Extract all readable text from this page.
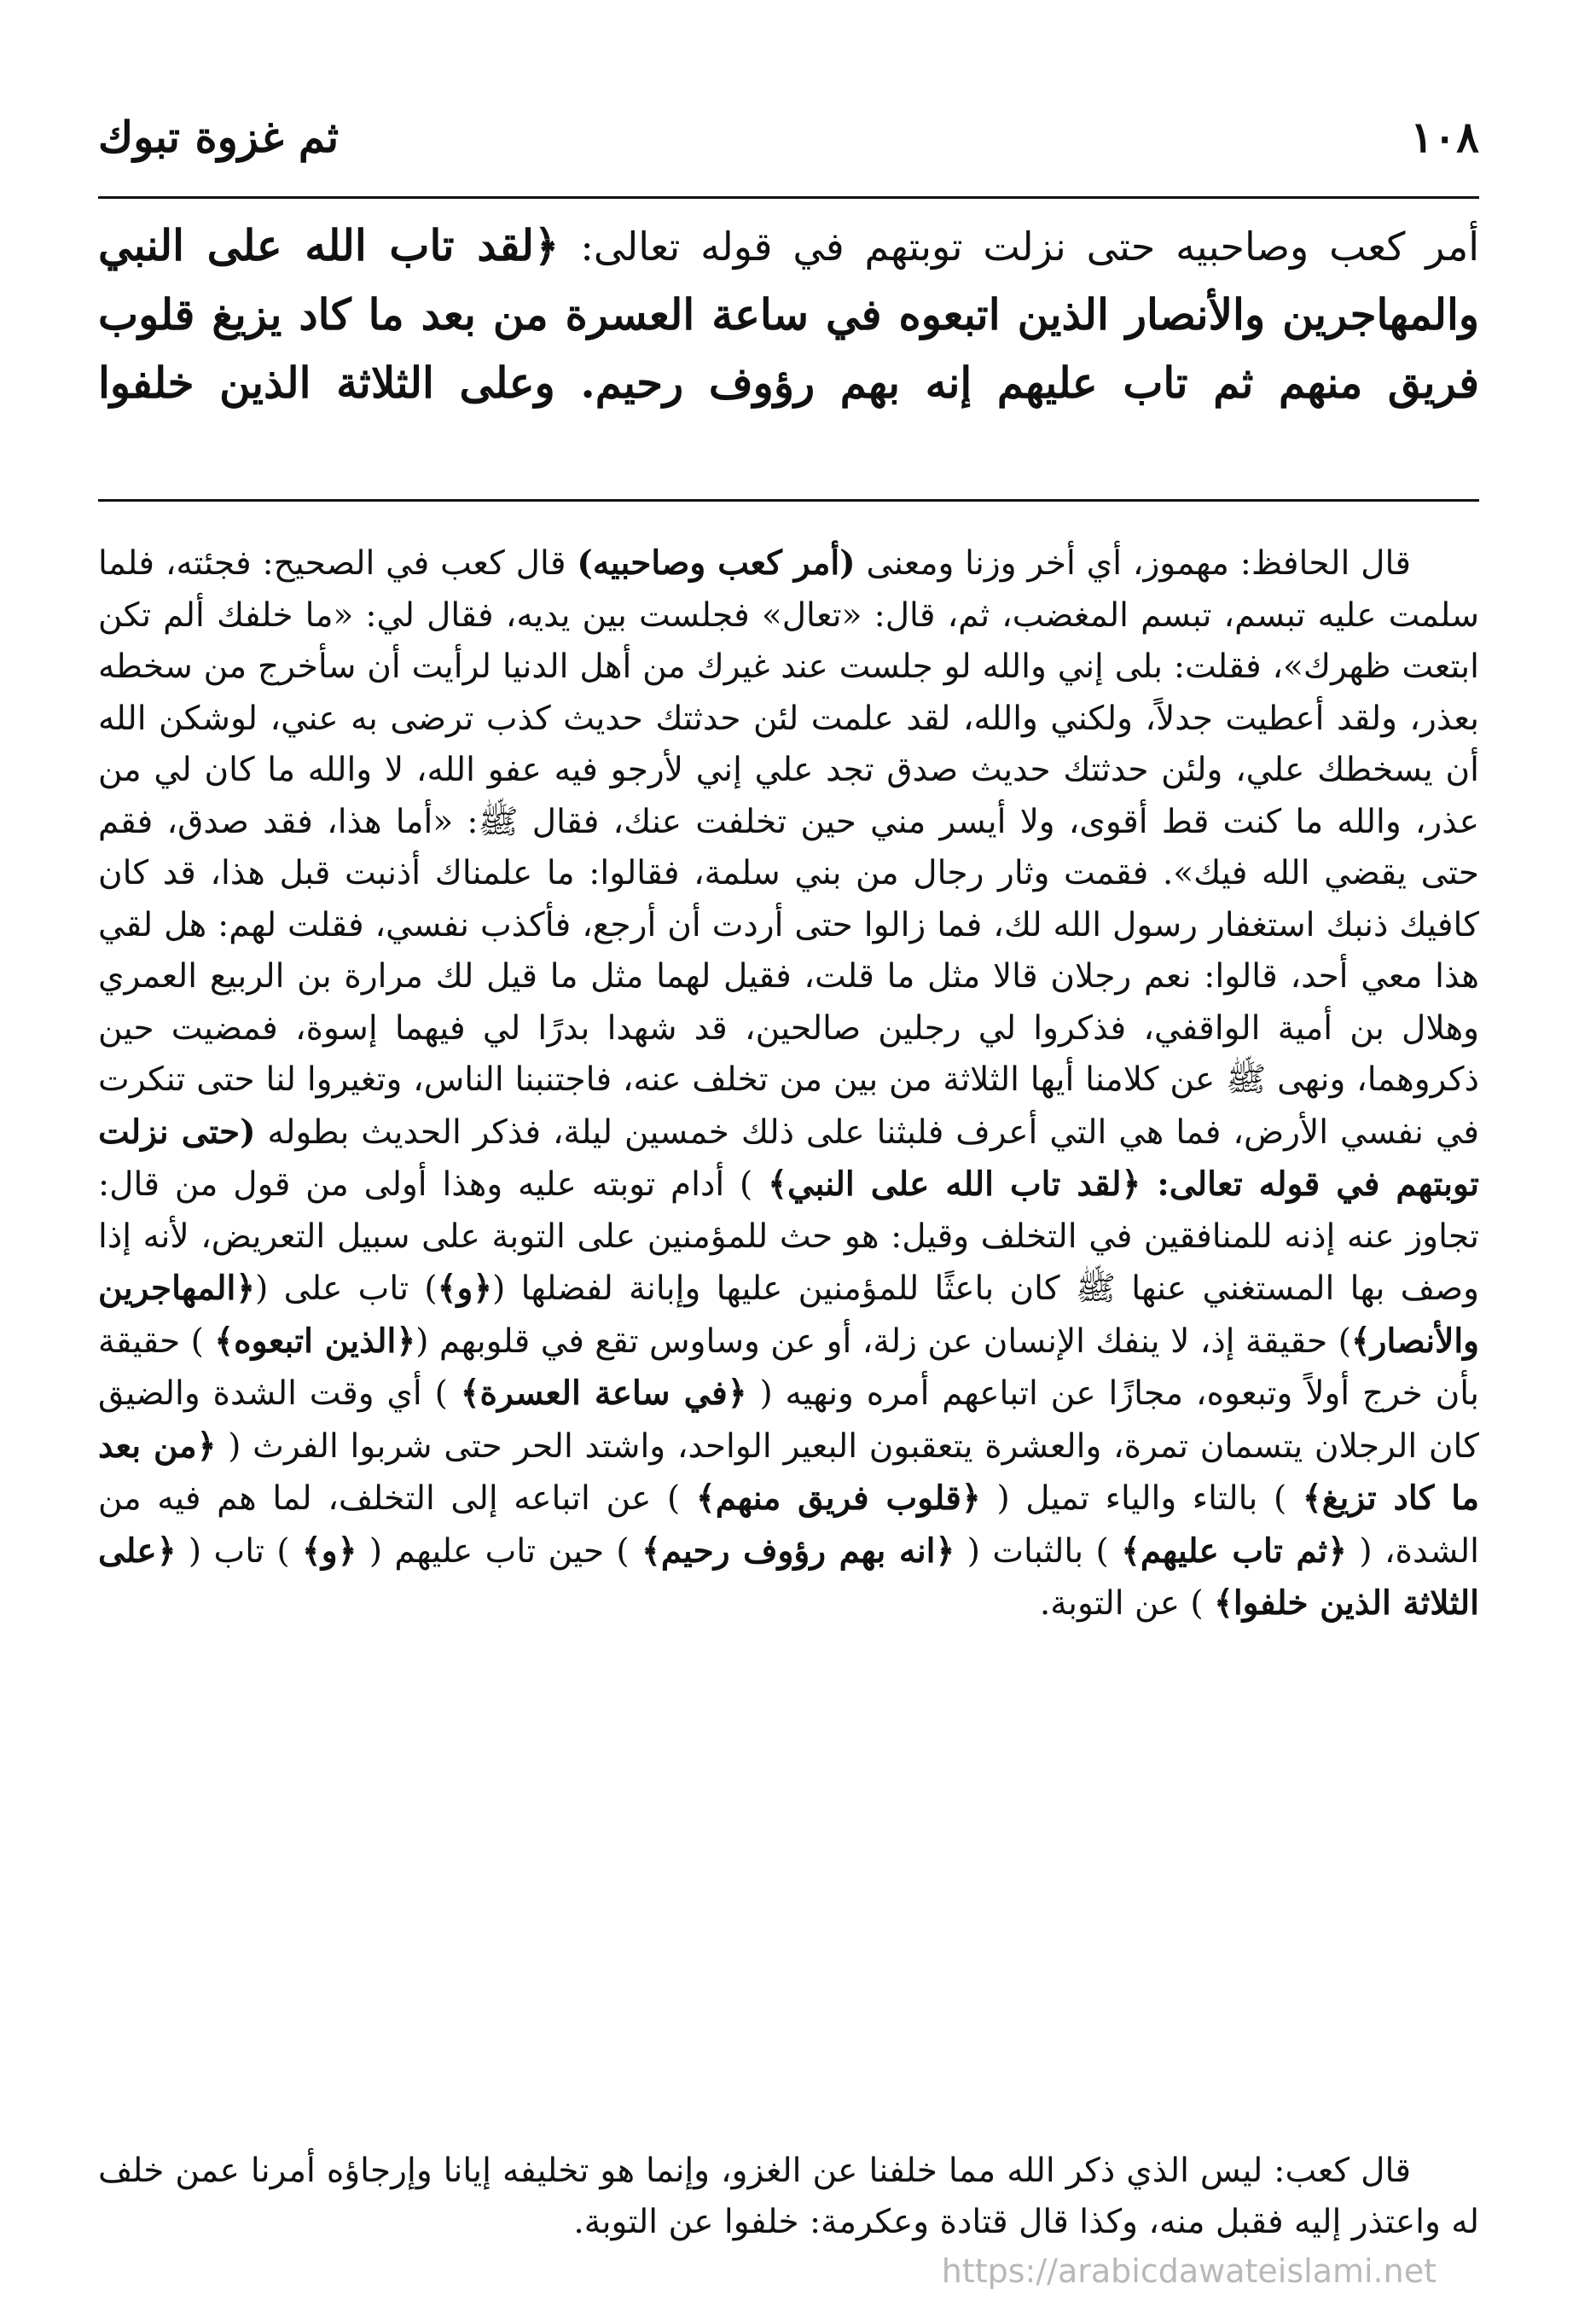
١٠٨
ثم غزوة تبوك
أمر كعب وصاحبيه حتى نزلت توبتهم في قوله تعالى: ﴿لقد تاب الله على النبي والمهاجرين والأنصار الذين اتبعوه في ساعة العسرة من بعد ما كاد يزيغ قلوب فريق منهم ثم تاب عليهم إنه بهم رؤوف رحيم. وعلى الثلاثة الذين خلفوا

قال الحافظ: مهموز، أي أخر وزنا ومعنى (أمر كعب وصاحبيه) قال كعب في الصحيح: فجئته، فلما سلمت عليه تبسم، تبسم المغضب، ثم، قال: «تعال» فجلست بين يديه، فقال لي: «ما خلفك ألم تكن ابتعت ظهرك»، فقلت: بلى إني والله لو جلست عند غيرك من أهل الدنيا لرأيت أن سأخرج من سخطه بعذر، ولقد أعطيت جدلاً، ولكني والله، لقد علمت لئن حدثتك حديث كذب ترضى به عني، لوشكن الله أن يسخطك علي، ولئن حدثتك حديث صدق تجد علي إني لأرجو فيه عفو الله، لا والله ما كان لي من عذر، والله ما كنت قط أقوى، ولا أيسر مني حين تخلفت عنك، فقال ﷺ: «أما هذا، فقد صدق، فقم حتى يقضي الله فيك». فقمت وثار رجال من بني سلمة، فقالوا: ما علمناك أذنبت قبل هذا، قد كان كافيك ذنبك استغفار رسول الله لك، فما زالوا حتى أردت أن أرجع، فأكذب نفسي، فقلت لهم: هل لقي هذا معي أحد، قالوا: نعم رجلان قالا مثل ما قلت، فقيل لهما مثل ما قيل لك مرارة بن الربيع العمري وهلال بن أمية الواقفي، فذكروا لي رجلين صالحين، قد شهدا بدرًا لي فيهما إسوة، فمضيت حين ذكروهما، ونهى ﷺ عن كلامنا أيها الثلاثة من بين من تخلف عنه، فاجتنبنا الناس، وتغيروا لنا حتى تنكرت في نفسي الأرض، فما هي التي أعرف فلبثنا على ذلك خمسين ليلة، فذكر الحديث بطوله (حتى نزلت توبتهم في قوله تعالى: ﴿لقد تاب الله على النبي﴾ ) أدام توبته عليه وهذا أولى من قول من قال: تجاوز عنه إذنه للمنافقين في التخلف وقيل: هو حث للمؤمنين على التوبة على سبيل التعريض، لأنه إذا وصف بها المستغني عنها ﷺ كان باعثًا للمؤمنين عليها وإبانة لفضلها (﴿و﴾) تاب على (﴿المهاجرين والأنصار﴾) حقيقة إذ، لا ينفك الإنسان عن زلة، أو عن وساوس تقع في قلوبهم (﴿الذين اتبعوه﴾ ) حقيقة بأن خرج أولاً وتبعوه، مجازًا عن اتباعهم أمره ونهيه ( ﴿في ساعة العسرة﴾ ) أي وقت الشدة والضيق كان الرجلان يتسمان تمرة، والعشرة يتعقبون البعير الواحد، واشتد الحر حتى شربوا الفرث ( ﴿من بعد ما كاد تزيغ﴾ ) بالتاء والياء تميل ( ﴿قلوب فريق منهم﴾ ) عن اتباعه إلى التخلف، لما هم فيه من الشدة، ( ﴿ثم تاب عليهم﴾ ) بالثبات ( ﴿انه بهم رؤوف رحيم﴾ ) حين تاب عليهم ( ﴿و﴾ ) تاب ( ﴿على الثلاثة الذين خلفوا﴾ ) عن التوبة.

قال كعب: ليس الذي ذكر الله مما خلفنا عن الغزو، وإنما هو تخليفه إيانا وإرجاؤه أمرنا عمن خلف له واعتذر إليه فقبل منه، وكذا قال قتادة وعكرمة: خلفوا عن التوبة.

https://arabicdawateislami.net
